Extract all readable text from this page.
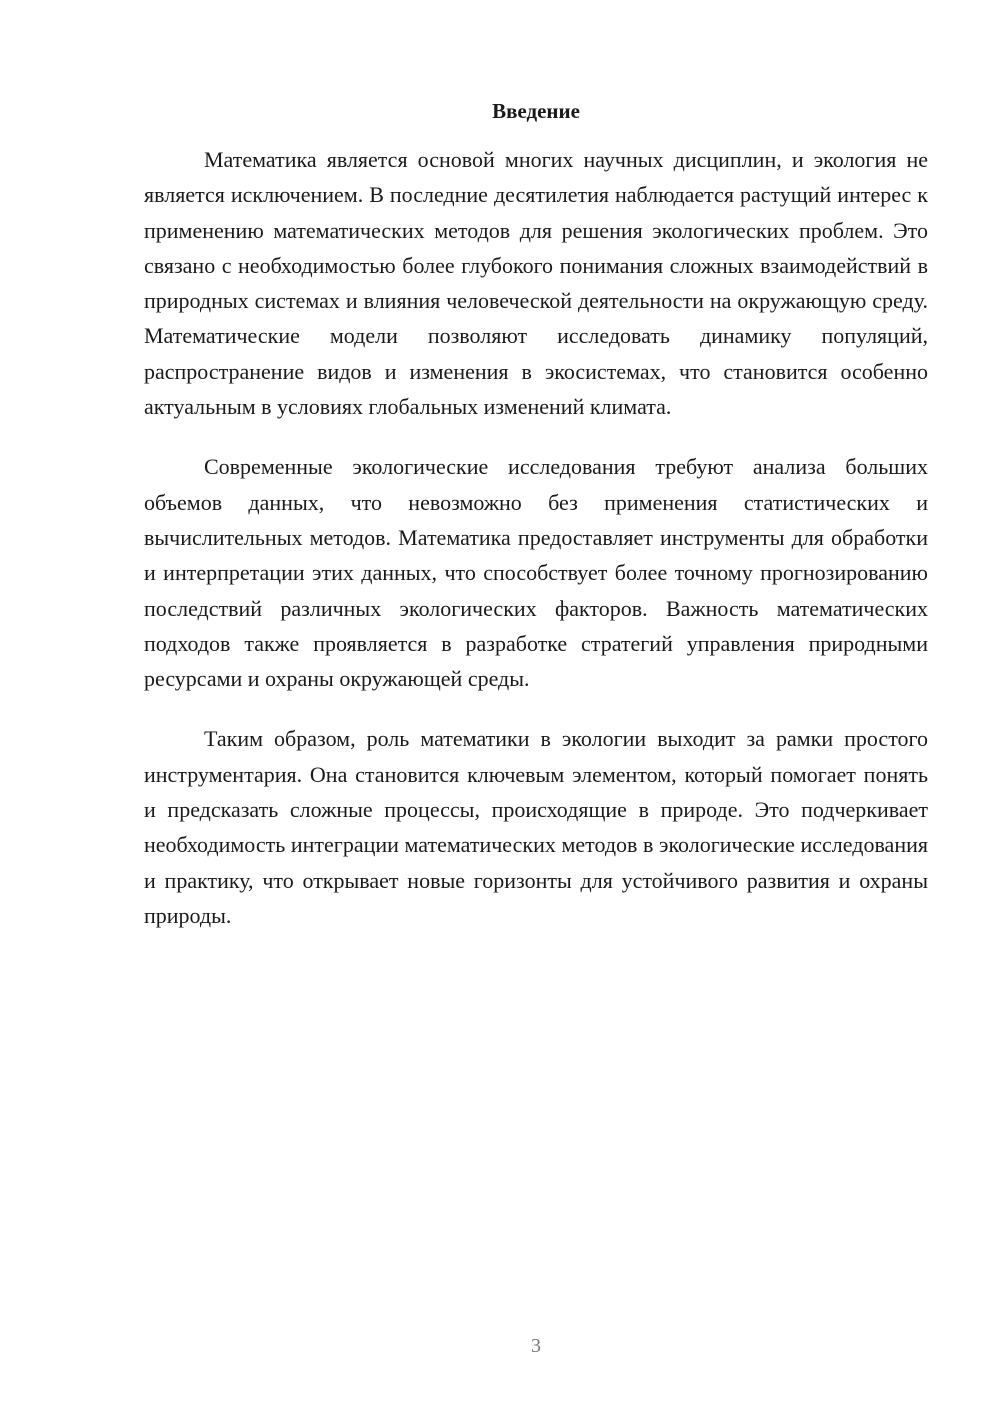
Введение

Математика является основой многих научных дисциплин, и экология не является исключением. В последние десятилетия наблюдается растущий интерес к применению математических методов для решения экологических проблем. Это связано с необходимостью более глубокого понимания сложных взаимодействий в природных системах и влияния человеческой деятельности на окружающую среду. Математические модели позволяют исследовать динамику популяций, распространение видов и изменения в экосистемах, что становится особенно актуальным в условиях глобальных изменений климата.

Современные экологические исследования требуют анализа больших объемов данных, что невозможно без применения статистических и вычислительных методов. Математика предоставляет инструменты для обработки и интерпретации этих данных, что способствует более точному прогнозированию последствий различных экологических факторов. Важность математических подходов также проявляется в разработке стратегий управления природными ресурсами и охраны окружающей среды.

Таким образом, роль математики в экологии выходит за рамки простого инструментария. Она становится ключевым элементом, который помогает понять и предсказать сложные процессы, происходящие в природе. Это подчеркивает необходимость интеграции математических методов в экологические исследования и практику, что открывает новые горизонты для устойчивого развития и охраны природы.

3
